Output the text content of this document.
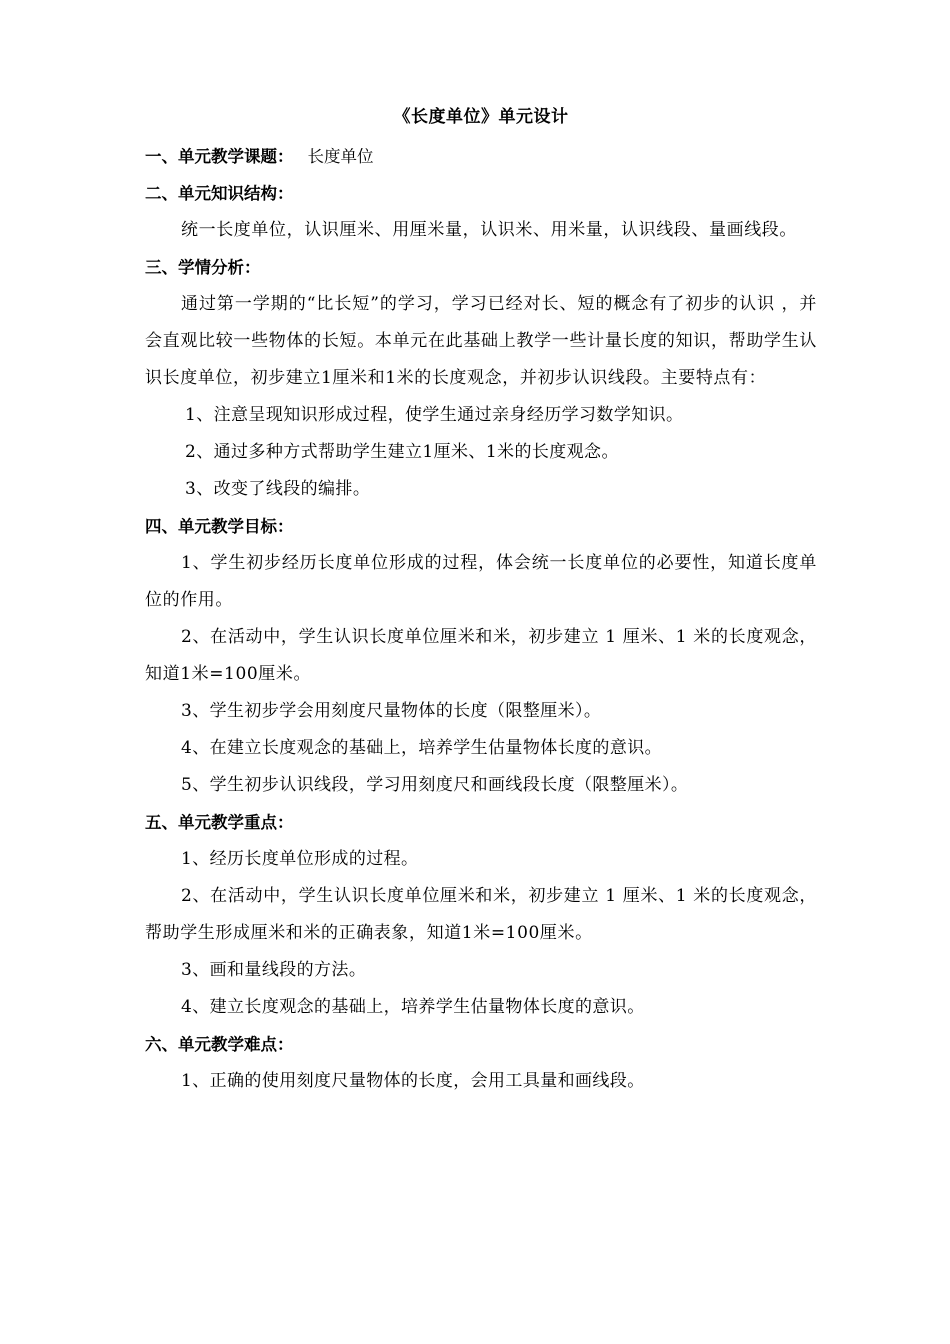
《长度单位》单元设计
一、单元教学课题： 长度单位
二、单元知识结构：
统一长度单位，认识厘米、用厘米量，认识米、用米量，认识线段、量画线段。
三、学情分析：
通过第一学期的“比长短”的学习，学习已经对长、短的概念有了初步的认识 ，并会直观比较一些物体的长短。本单元在此基础上教学一些计量长度的知识，帮助学生认识长度单位，初步建立1厘米和1米的长度观念，并初步认识线段。主要特点有：
1、注意呈现知识形成过程，使学生通过亲身经历学习数学知识。
2、通过多种方式帮助学生建立1厘米、1米的长度观念。
3、改变了线段的编排。
四、单元教学目标：
1、学生初步经历长度单位形成的过程，体会统一长度单位的必要性，知道长度单位的作用。
2、在活动中，学生认识长度单位厘米和米，初步建立 1 厘米、1 米的长度观念，知道1米=100厘米。
3、学生初步学会用刻度尺量物体的长度（限整厘米）。
4、在建立长度观念的基础上，培养学生估量物体长度的意识。
5、学生初步认识线段，学习用刻度尺和画线段长度（限整厘米）。
五、单元教学重点：
1、经历长度单位形成的过程。
2、在活动中，学生认识长度单位厘米和米，初步建立 1 厘米、1 米的长度观念，帮助学生形成厘米和米的正确表象，知道1米=100厘米。
3、画和量线段的方法。
4、建立长度观念的基础上，培养学生估量物体长度的意识。
六、单元教学难点：
1、正确的使用刻度尺量物体的长度，会用工具量和画线段。
